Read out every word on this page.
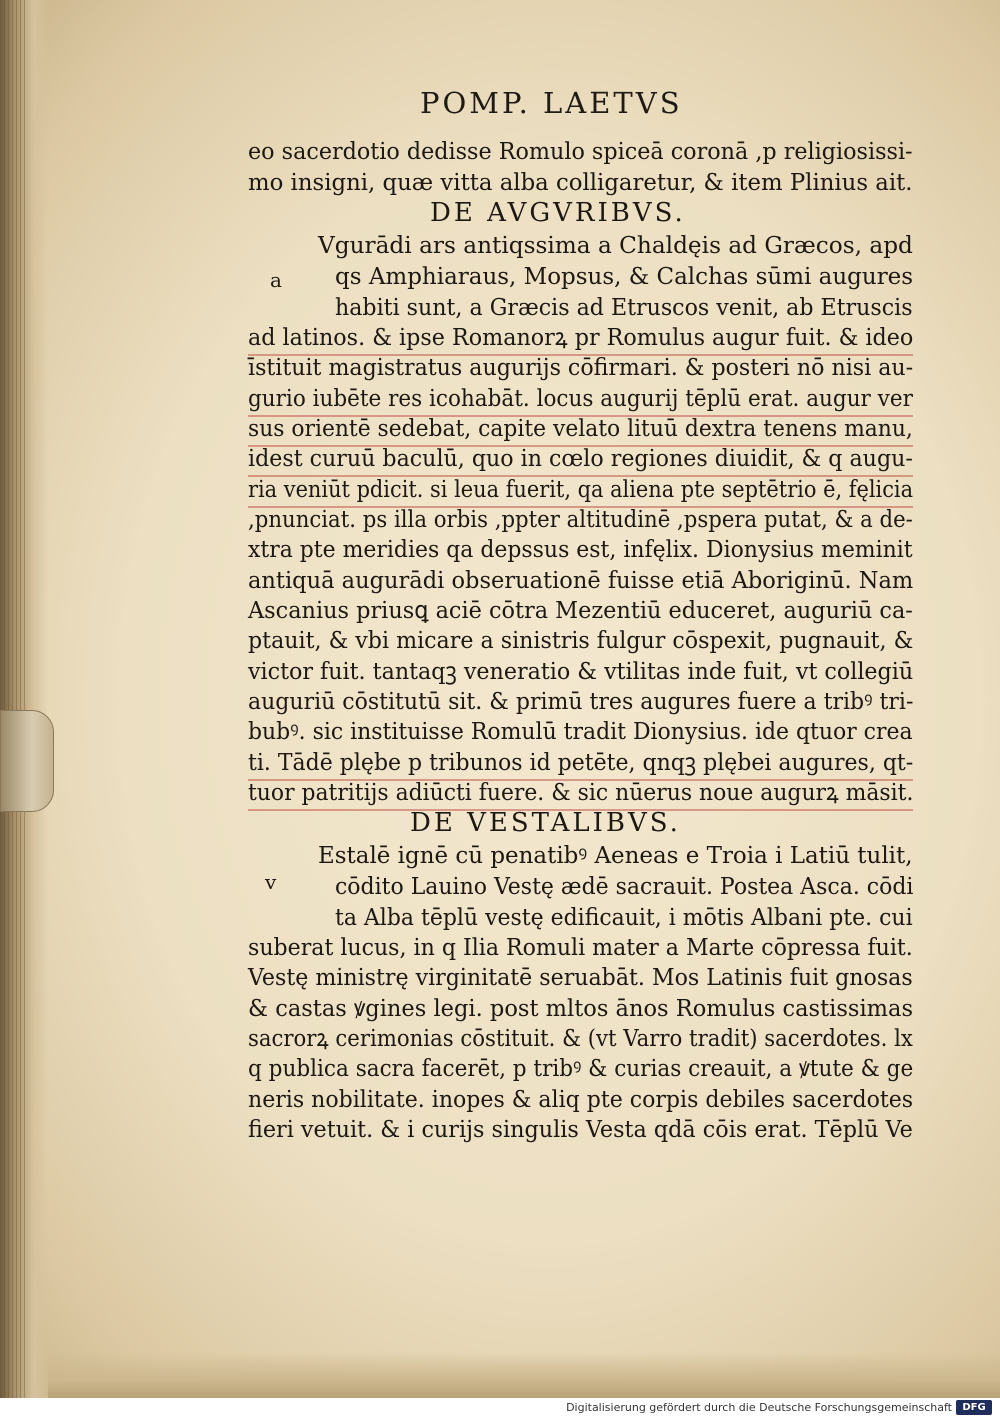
POMP. LAETVS
eo sacerdotio dedisse Romulo spiceā coronā ,p religiosissi‑
mo insigni, quæ vitta alba colligaretur, & item Plinius ait.
DE AVGVRIBVS.
Vgurādi ars antiqssima a Chaldęis ad Græcos, apd
a qs Amphiaraus, Mopsus, & Calchas sūmi augures
habiti sunt, a Græcis ad Etruscos venit, ab Etruscis
ad latinos. & ipse Romanorꝝ pr Romulus augur fuit. & ideo
īstituit magistratus augurijs cōfirmari. & posteri nō nisi au‑
gurio iubēte res icohabāt. locus augurij tēplū erat. augur ver
sus orientē sedebat, capite velato lituū dextra tenens manu,
idest curuū baculū, quo in cœlo regiones diuidit, & q augu‑
ria veniūt pdicit. si leua fuerit, qa aliena pte septētrio ē, fęlicia
,pnunciat. ps illa orbis ,ppter altitudinē ,pspera putat, & a de‑
xtra pte meridies qa depssus est, infęlix. Dionysius meminit
antiquā augurādi obseruationē fuisse etiā Aboriginū. Nam
Ascanius priusꝗ aciē cōtra Mezentiū educeret, auguriū ca‑
ptauit, & vbi micare a sinistris fulgur cōspexit, pugnauit, &
victor fuit. tantaqꝫ veneratio & vtilitas inde fuit, vt collegiū
auguriū cōstitutū sit. & primū tres augures fuere a tribꝰ tri‑
bubꝰ. sic instituisse Romulū tradit Dionysius. ide qtuor crea
ti. Tādē plębe p tribunos id petēte, qnqꝫ plębei augures, qt‑
tuor patritijs adiūcti fuere. & sic nūerus noue augurꝝ māsit.
DE VESTALIBVS.
Estalē ignē cū penatibꝰ Aeneas e Troia i Latiū tulit,
v cōdito Lauino Vestę ædē sacrauit. Postea Asca. cōdi
ta Alba tēplū vestę edificauit, i mōtis Albani pte. cui
suberat lucus, in q Ilia Romuli mater a Marte cōpressa fuit.
Vestę ministrę virginitatē seruabāt. Mos Latinis fuit gnosas
& castas ꝟgines legi. post mltos ānos Romulus castissimas
sacrorꝝ cerimonias cōstituit. & (vt Varro tradit) sacerdotes. lx
q publica sacra facerēt, p tribꝰ & curias creauit, a ꝟtute & ge
neris nobilitate. inopes & aliq pte corpis debiles sacerdotes
fieri vetuit. & i curijs singulis Vesta qdā cōis erat. Tēplū Ve
Digitalisierung gefördert durch die Deutsche Forschungsgemeinschaft	DFG
